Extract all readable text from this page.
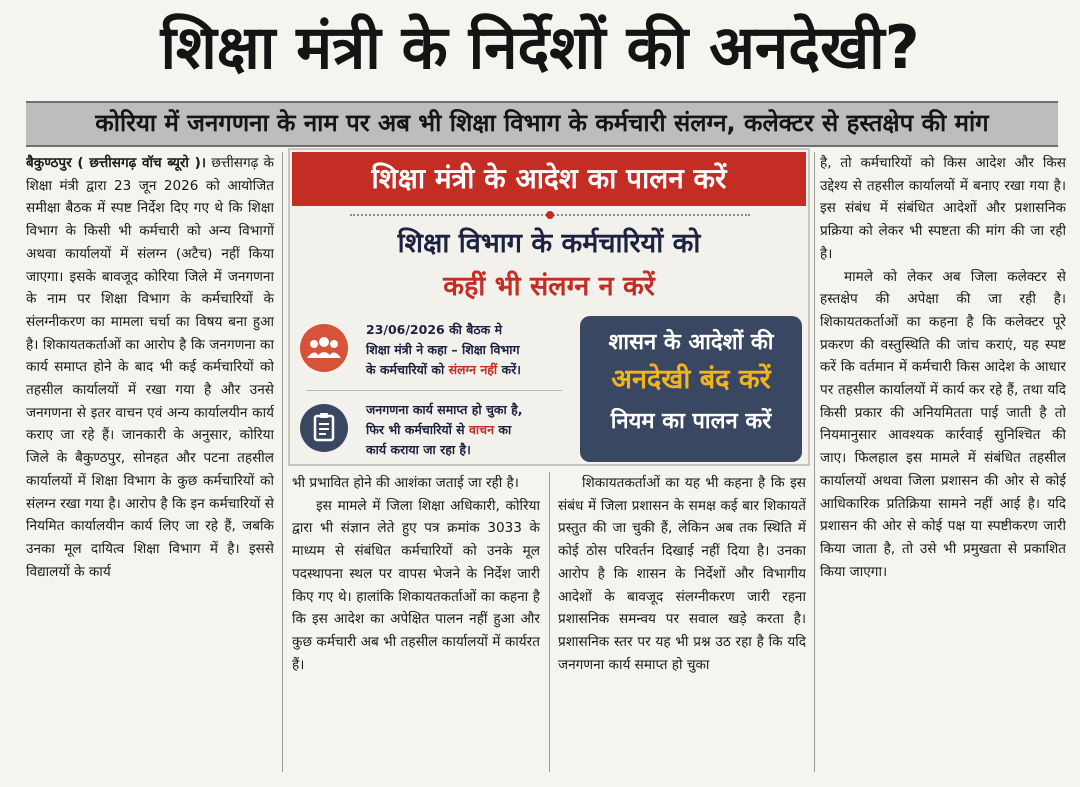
शिक्षा मंत्री के निर्देशों की अनदेखी?
कोरिया में जनगणना के नाम पर अब भी शिक्षा विभाग के कर्मचारी संलग्न, कलेक्टर से हस्तक्षेप की मांग

बैकुण्ठपुर ( छत्तीसगढ़ वॉच ब्यूरो )। छत्तीसगढ़ के शिक्षा मंत्री द्वारा 23 जून 2026 को आयोजित समीक्षा बैठक में स्पष्ट निर्देश दिए गए थे कि शिक्षा विभाग के किसी भी कर्मचारी को अन्य विभागों अथवा कार्यालयों में संलग्न (अटैच) नहीं किया जाएगा। इसके बावजूद कोरिया जिले में जनगणना के नाम पर शिक्षा विभाग के कर्मचारियों के संलग्नीकरण का मामला चर्चा का विषय बना हुआ है। शिकायतकर्ताओं का आरोप है कि जनगणना का कार्य समाप्त होने के बाद भी कई कर्मचारियों को तहसील कार्यालयों में रखा गया है और उनसे जनगणना से इतर वाचन एवं अन्य कार्यालयीन कार्य कराए जा रहे हैं। जानकारी के अनुसार, कोरिया जिले के बैकुण्ठपुर, सोनहत और पटना तहसील कार्यालयों में शिक्षा विभाग के कुछ कर्मचारियों को संलग्न रखा गया है। आरोप है कि इन कर्मचारियों से नियमित कार्यालयीन कार्य लिए जा रहे हैं, जबकि उनका मूल दायित्व शिक्षा विभाग में है। इससे विद्यालयों के कार्य

शिक्षा मंत्री के आदेश का पालन करें
शिक्षा विभाग के कर्मचारियों को
कहीं भी संलग्न न करें
23/06/2026 की बैठक मे
शिक्षा मंत्री ने कहा – शिक्षा विभाग
के कर्मचारियों को संलग्न नहीं करें।
जनगणना कार्य समाप्त हो चुका है,
फिर भी कर्मचारियों से वाचन का
कार्य कराया जा रहा है।
शासन के आदेशों की
अनदेखी बंद करें
नियम का पालन करें

भी प्रभावित होने की आशंका जताई जा रही है।

इस मामले में जिला शिक्षा अधिकारी, कोरिया द्वारा भी संज्ञान लेते हुए पत्र क्रमांक 3033 के माध्यम से संबंधित कर्मचारियों को उनके मूल पदस्थापना स्थल पर वापस भेजने के निर्देश जारी किए गए थे। हालांकि शिकायतकर्ताओं का कहना है कि इस आदेश का अपेक्षित पालन नहीं हुआ और कुछ कर्मचारी अब भी तहसील कार्यालयों में कार्यरत हैं।

शिकायतकर्ताओं का यह भी कहना है कि इस संबंध में जिला प्रशासन के समक्ष कई बार शिकायतें प्रस्तुत की जा चुकी हैं, लेकिन अब तक स्थिति में कोई ठोस परिवर्तन दिखाई नहीं दिया है। उनका आरोप है कि शासन के निर्देशों और विभागीय आदेशों के बावजूद संलग्नीकरण जारी रहना प्रशासनिक समन्वय पर सवाल खड़े करता है। प्रशासनिक स्तर पर यह भी प्रश्न उठ रहा है कि यदि जनगणना कार्य समाप्त हो चुका

है, तो कर्मचारियों को किस आदेश और किस उद्देश्य से तहसील कार्यालयों में बनाए रखा गया है। इस संबंध में संबंधित आदेशों और प्रशासनिक प्रक्रिया को लेकर भी स्पष्टता की मांग की जा रही है।

मामले को लेकर अब जिला कलेक्टर से हस्तक्षेप की अपेक्षा की जा रही है। शिकायतकर्ताओं का कहना है कि कलेक्टर पूरे प्रकरण की वस्तुस्थिति की जांच कराएं, यह स्पष्ट करें कि वर्तमान में कर्मचारी किस आदेश के आधार पर तहसील कार्यालयों में कार्य कर रहे हैं, तथा यदि किसी प्रकार की अनियमितता पाई जाती है तो नियमानुसार आवश्यक कार्रवाई सुनिश्चित की जाए। फिलहाल इस मामले में संबंधित तहसील कार्यालयों अथवा जिला प्रशासन की ओर से कोई आधिकारिक प्रतिक्रिया सामने नहीं आई है। यदि प्रशासन की ओर से कोई पक्ष या स्पष्टीकरण जारी किया जाता है, तो उसे भी प्रमुखता से प्रकाशित किया जाएगा।
